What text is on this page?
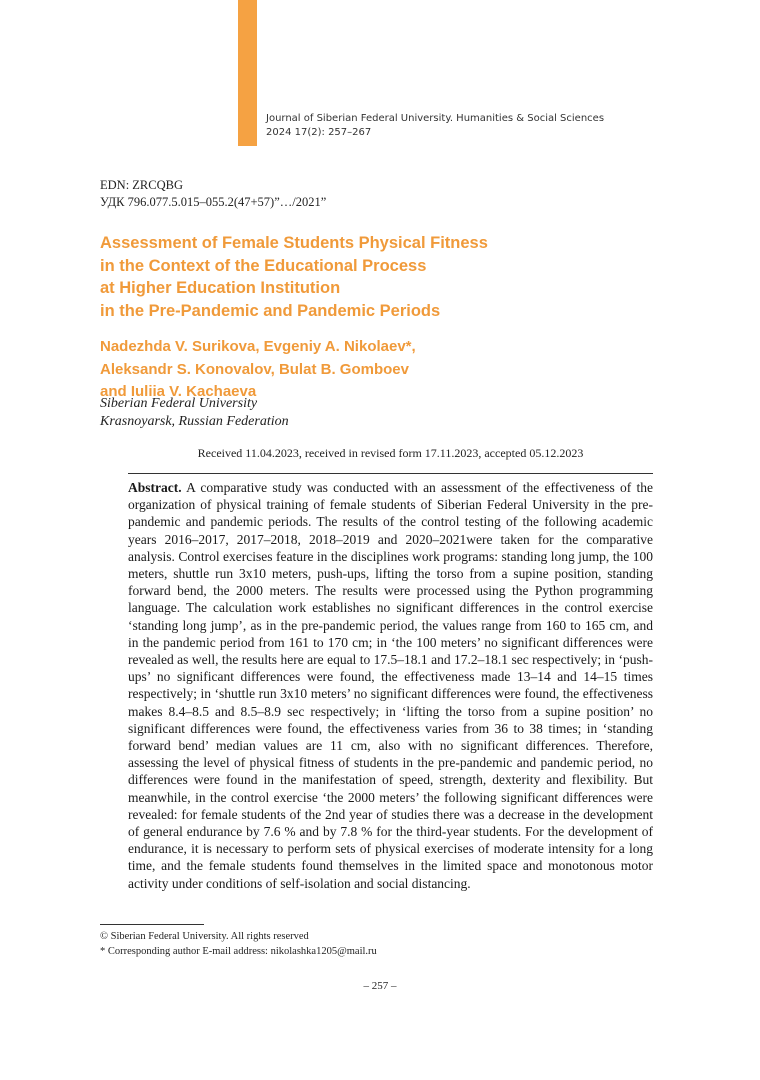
Journal of Siberian Federal University. Humanities & Social Sciences
2024 17(2): 257–267
EDN: ZRCQBG
УДК 796.077.5.015–055.2(47+57)”…/2021”
Assessment of Female Students Physical Fitness
in the Context of the Educational Process
at Higher Education Institution
in the Pre-Pandemic and Pandemic Periods
Nadezhda V. Surikova, Evgeniy A. Nikolaev*,
Aleksandr S. Konovalov, Bulat B. Gomboev
and Iuliia V. Kachaeva
Siberian Federal University
Krasnoyarsk, Russian Federation
Received 11.04.2023, received in revised form 17.11.2023, accepted 05.12.2023

Abstract. A comparative study was conducted with an assessment of the effectiveness of the organization of physical training of female students of Siberian Federal University in the pre-pandemic and pandemic periods. The results of the control testing of the following academic years 2016–2017, 2017–2018, 2018–2019 and 2020–2021were taken for the comparative analysis. Control exercises feature in the disciplines work programs: standing long jump, the 100 meters, shuttle run 3x10 meters, push-ups, lifting the torso from a supine position, standing forward bend, the 2000 meters. The results were processed using the Python programming language. The calculation work establishes no significant differences in the control exercise ‘standing long jump’, as in the pre-pandemic period, the values range from 160 to 165 cm, and in the pandemic period from 161 to 170 cm; in ‘the 100 meters’ no significant differences were revealed as well, the results here are equal to 17.5–18.1 and 17.2–18.1 sec respectively; in ‘push-ups’ no significant differences were found, the effectiveness made 13–14 and 14–15 times respectively; in ‘shuttle run 3x10 meters’ no significant differences were found, the effectiveness makes 8.4–8.5 and 8.5–8.9 sec respectively; in ‘lifting the torso from a supine position’ no significant differences were found, the effectiveness varies from 36 to 38 times; in ‘standing forward bend’ median values are 11 cm, also with no significant differences. Therefore, assessing the level of physical fitness of students in the pre-pandemic and pandemic period, no differences were found in the manifestation of speed, strength, dexterity and flexibility. But meanwhile, in the control exercise ‘the 2000 meters’ the following significant differences were revealed: for female students of the 2nd year of studies there was a decrease in the development of general endurance by 7.6 % and by 7.8 % for the third-year students. For the development of endurance, it is necessary to perform sets of physical exercises of moderate intensity for a long time, and the female students found themselves in the limited space and monotonous motor activity under conditions of self-isolation and social distancing.

© Siberian Federal University. All rights reserved
* Corresponding author E-mail address: nikolashka1205@mail.ru
– 257 –
